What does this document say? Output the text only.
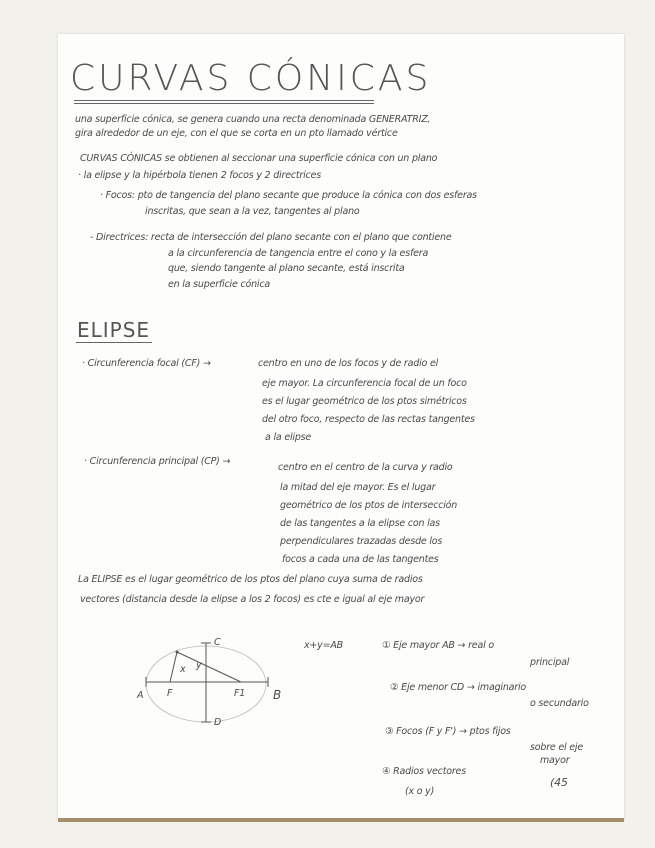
CURVAS CÓNICAS
una superficie cónica, se genera cuando una recta denominada GENERATRIZ,
gira alrededor de un eje, con el que se corta en un pto llamado vértice
CURVAS CÓNICAS se obtienen al seccionar una superficie cónica con un plano
· la elipse y la hipérbola tienen 2 focos y 2 directrices
· Focos: pto de tangencia del plano secante que produce la cónica con dos esferas
inscritas, que sean a la vez, tangentes al plano
- Directrices: recta de intersección del plano secante con el plano que contiene
a la circunferencia de tangencia entre el cono y la esfera
que, siendo tangente al plano secante, está inscrita
en la superficie cónica
ELIPSE
· Circunferencia focal (CF) →	centro en uno de los focos y de radio el
eje mayor. La circunferencia focal de un foco
es el lugar geométrico de los ptos simétricos
del otro foco, respecto de las rectas tangentes
a la elipse
· Circunferencia principal (CP) →
centro en el centro de la curva y radio
la mitad del eje mayor. Es el lugar
geométrico de los ptos de intersección
de las tangentes a la elipse con las
perpendiculares trazadas desde los
focos a cada una de las tangentes
La ELIPSE es el lugar geométrico de los ptos del plano cuya suma de radios
vectores (distancia desde la elipse a los 2 focos) es cte e igual al eje mayor
A	B
C
D
F	F1
x y
x+y=AB	① Eje mayor AB → real o
principal
② Eje menor CD → imaginario
o secundario
③ Focos (F y F') → ptos fijos
sobre el eje
mayor
④ Radios vectores
(x o y)
(45
